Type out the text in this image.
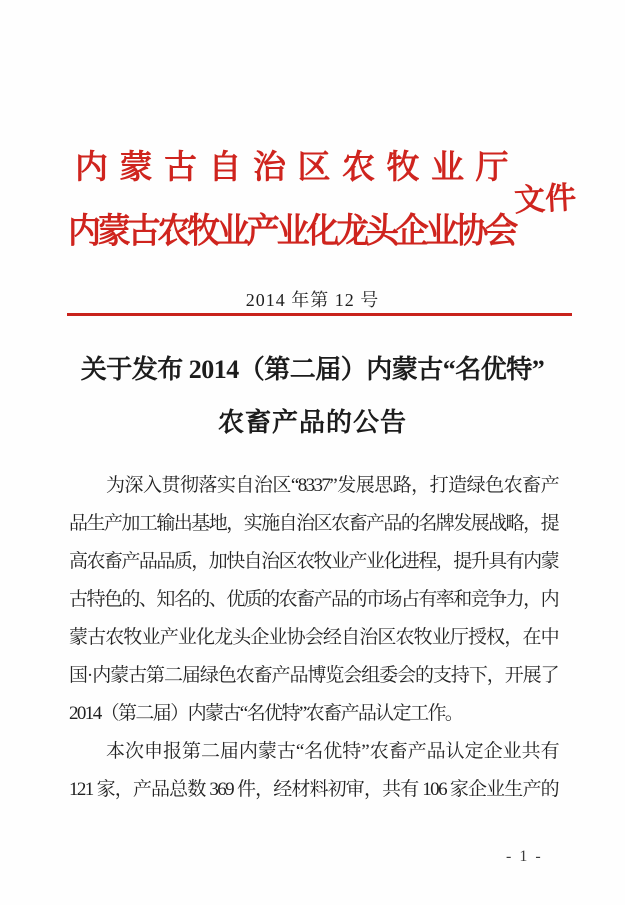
内蒙古自治区农牧业厅
文件
内蒙古农牧业产业化龙头企业协会
2014 年第 12 号
关于发布 2014（第二届）内蒙古“名优特”
农畜产品的公告
为深入贯彻落实自治区“8337”发展思路，打造绿色农畜产
品生产加工输出基地，实施自治区农畜产品的名牌发展战略，提
高农畜产品品质，加快自治区农牧业产业化进程，提升具有内蒙
古特色的、知名的、优质的农畜产品的市场占有率和竞争力，内
蒙古农牧业产业化龙头企业协会经自治区农牧业厅授权，在中
国·内蒙古第二届绿色农畜产品博览会组委会的支持下，开展了
2014（第二届）内蒙古“名优特”农畜产品认定工作。
本次申报第二届内蒙古“名优特”农畜产品认定企业共有
121 家，产品总数 369 件，经材料初审，共有 106 家企业生产的
- 1 -
